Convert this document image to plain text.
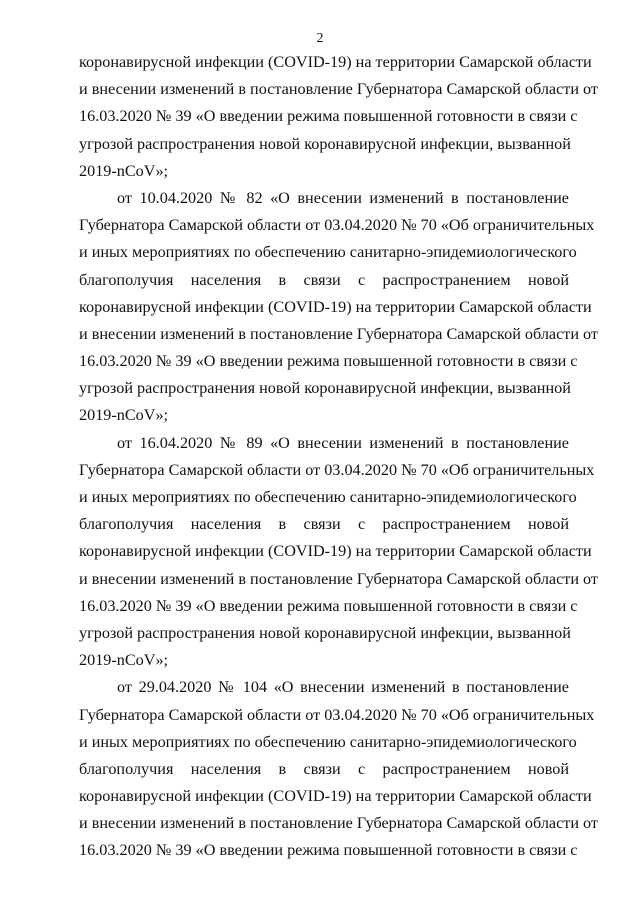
2
коронавирусной инфекции (COVID-19) на территории Самарской области
и внесении изменений в постановление Губернатора Самарской области от
16.03.2020 № 39 «О введении режима повышенной готовности в связи с
угрозой распространения новой коронавирусной инфекции, вызванной
2019-nCoV»;
от 10.04.2020 № 82 «О внесении изменений в постановление
Губернатора Самарской области от 03.04.2020 № 70 «Об ограничительных
и иных мероприятиях по обеспечению санитарно-эпидемиологического
благополучия населения в связи с распространением новой
коронавирусной инфекции (COVID-19) на территории Самарской области
и внесении изменений в постановление Губернатора Самарской области от
16.03.2020 № 39 «О введении режима повышенной готовности в связи с
угрозой распространения новой коронавирусной инфекции, вызванной
2019-nCoV»;
от 16.04.2020 № 89 «О внесении изменений в постановление
Губернатора Самарской области от 03.04.2020 № 70 «Об ограничительных
и иных мероприятиях по обеспечению санитарно-эпидемиологического
благополучия населения в связи с распространением новой
коронавирусной инфекции (COVID-19) на территории Самарской области
и внесении изменений в постановление Губернатора Самарской области от
16.03.2020 № 39 «О введении режима повышенной готовности в связи с
угрозой распространения новой коронавирусной инфекции, вызванной
2019-nCoV»;
от 29.04.2020 № 104 «О внесении изменений в постановление
Губернатора Самарской области от 03.04.2020 № 70 «Об ограничительных
и иных мероприятиях по обеспечению санитарно-эпидемиологического
благополучия населения в связи с распространением новой
коронавирусной инфекции (COVID-19) на территории Самарской области
и внесении изменений в постановление Губернатора Самарской области от
16.03.2020 № 39 «О введении режима повышенной готовности в связи с
